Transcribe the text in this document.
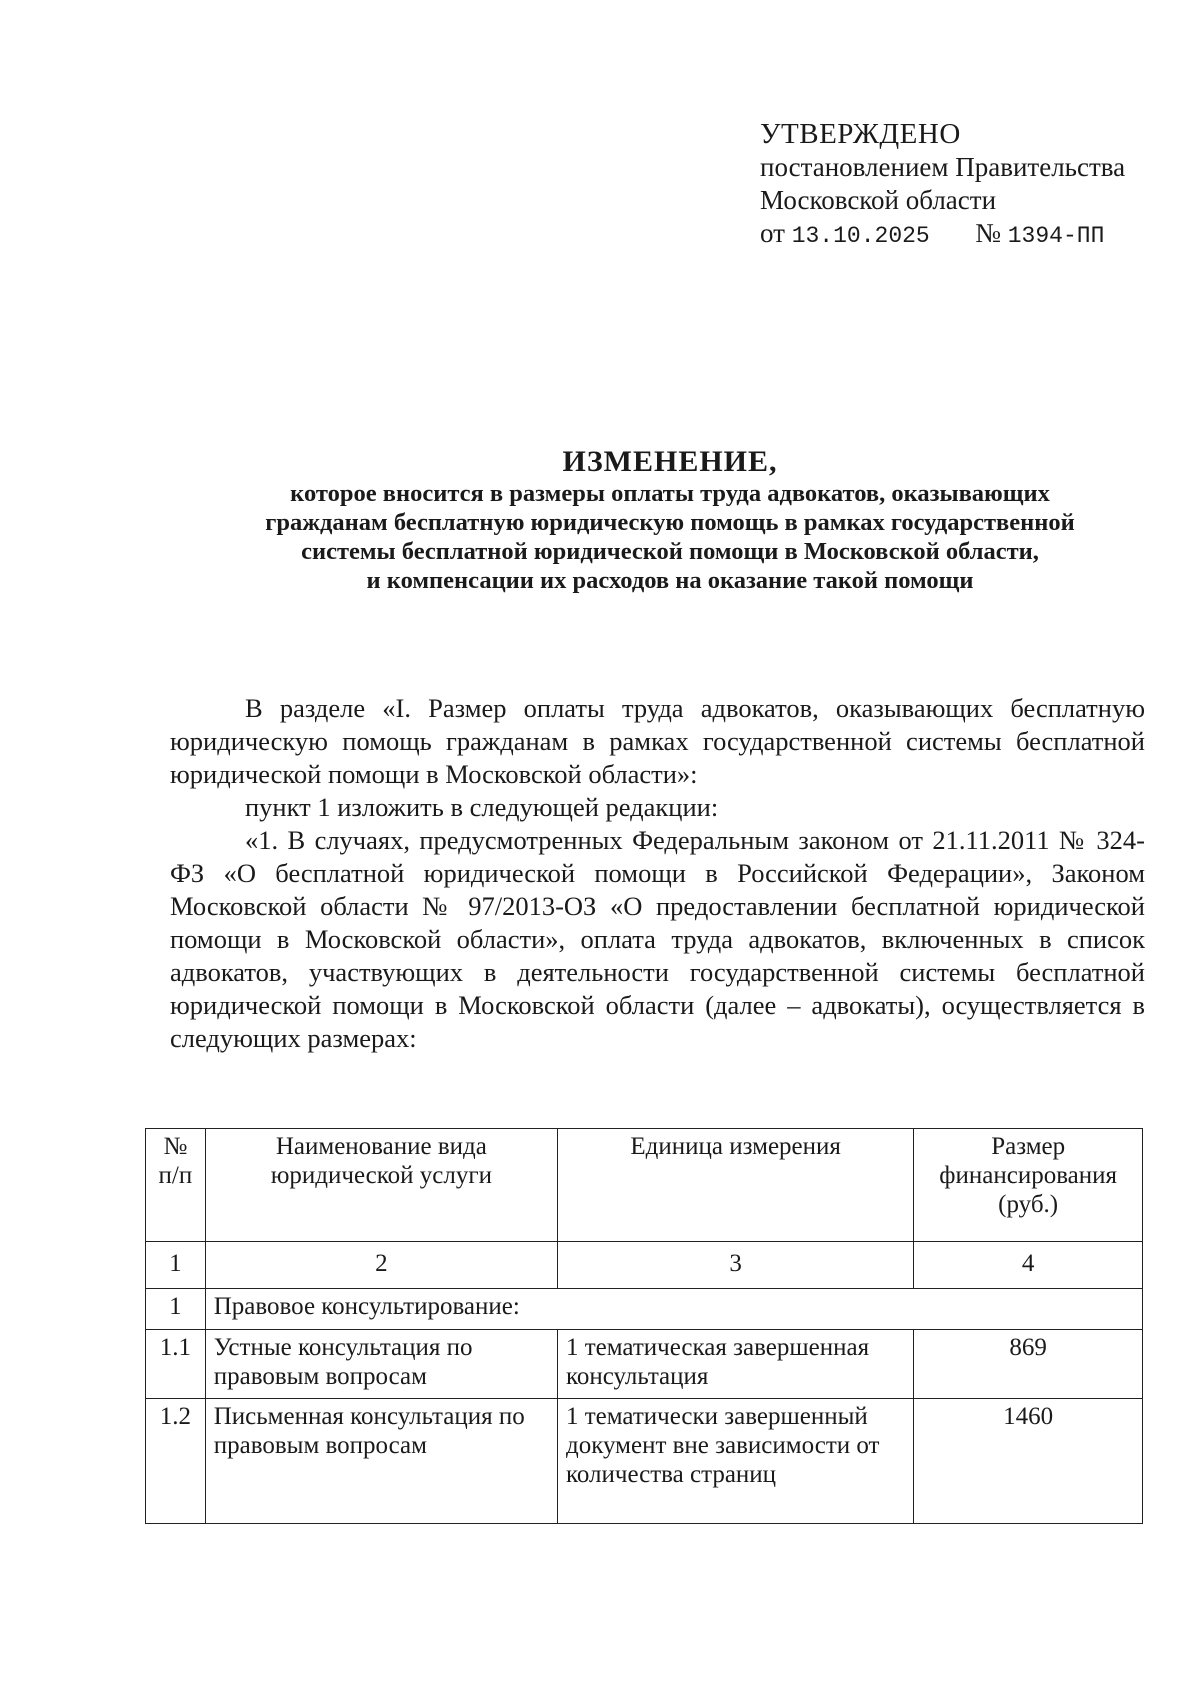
УТВЕРЖДЕНО
постановлением Правительства
Московской области
от 13.10.2025 № 1394-ПП
ИЗМЕНЕНИЕ,
которое вносится в размеры оплаты труда адвокатов, оказывающих
гражданам бесплатную юридическую помощь в рамках государственной
системы бесплатной юридической помощи в Московской области,
и компенсации их расходов на оказание такой помощи

В разделе «I. Размер оплаты труда адвокатов, оказывающих бесплатную юридическую помощь гражданам в рамках государственной системы бесплатной юридической помощи в Московской области»:

пункт 1 изложить в следующей редакции:

«1. В случаях, предусмотренных Федеральным законом от 21.11.2011 № 324-ФЗ «О бесплатной юридической помощи в Российской Федерации», Законом Московской области № 97/2013-ОЗ «О предоставлении бесплатной юридической помощи в Московской области», оплата труда адвокатов, включенных в список адвокатов, участвующих в деятельности государственной системы бесплатной юридической помощи в Московской области (далее – адвокаты), осуществляется в следующих размерах:

№ п/п	Наименование вида юридической услуги	Единица измерения	Размер финансирования (руб.)
1	2	3	4
1	Правовое консультирование:		
1.1	Устные консультация по правовым вопросам	1 тематическая завершенная консультация	869
1.2	Письменная консультация по правовым вопросам	1 тематически завершенный документ вне зависимости от количества страниц	1460
